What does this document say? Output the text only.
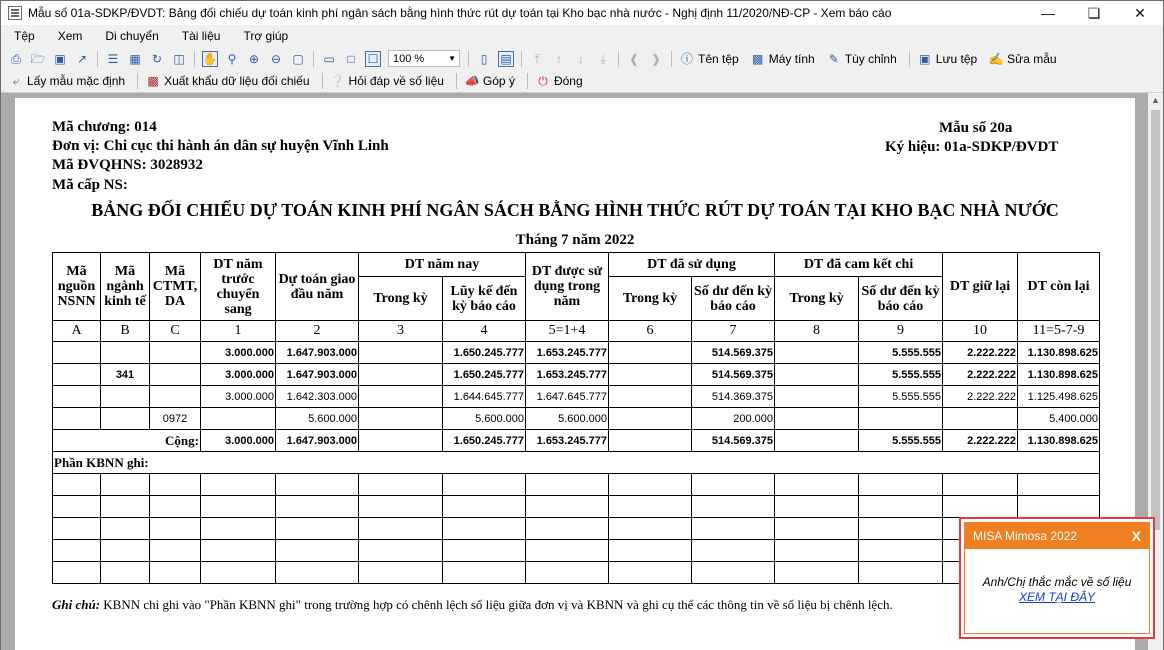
Mẫu số 01a-SDKP/ĐVDT: Bảng đối chiếu dự toán kinh phí ngân sách bằng hình thức rút dự toán tại Kho bạc nhà nước - Nghị định 11/2020/NĐ-CP - Xem báo cáo	—	❏	✕
Tệp	Xem	Di chuyển	Tài liệu	Trợ giúp
⎙ 🗁 ▣ ↗ ☰ ▦ ↻ ◫ ✋ ⚲	⊕ ⊖ ▢ ▭	□	☐ 100 %	▼	▯	▤	⤒	↑	↓	⤓	❰ ❱ ⓘ Tên tệp ▩ Máy tính ✎ Tùy chỉnh ▣ Lưu tệp ✍ Sửa mẫu
⤶ Lấy mẫu mặc định ▩ Xuất khẩu dữ liệu đối chiếu ❔ Hỏi đáp về số liệu 📣 Góp ý ⏻ Đóng
Mã chương: 014
Đơn vị: Chi cục thi hành án dân sự huyện Vĩnh Linh
Mã ĐVQHNS: 3028932
Mã cấp NS:
Mẫu số 20a
Ký hiệu: 01a-SDKP/ĐVDT
BẢNG ĐỐI CHIẾU DỰ TOÁN KINH PHÍ NGÂN SÁCH BẰNG HÌNH THỨC RÚT DỰ TOÁN TẠI KHO BẠC NHÀ NƯỚC
Tháng 7 năm 2022
Mã nguồn NSNN	Mã ngành kinh tế	Mã CTMT, DA	DT năm trước chuyển sang	Dự toán giao đầu năm	DT năm nay		DT được sử dụng trong năm	DT đã sử dụng		DT đã cam kết chi		DT giữ lại	DT còn lại
					Trong kỳ	Lũy kế đến kỳ báo cáo		Trong kỳ	Số dư đến kỳ báo cáo	Trong kỳ	Số dư đến kỳ báo cáo		
A	B	C	1	2	3	4	5=1+4	6	7	8	9	10	11=5-7-9
			3.000.000	1.647.903.000		1.650.245.777	1.653.245.777		514.569.375		5.555.555	2.222.222	1.130.898.625
	341		3.000.000	1.647.903.000		1.650.245.777	1.653.245.777		514.569.375		5.555.555	2.222.222	1.130.898.625
			3.000.000	1.642.303.000		1.644.645.777	1.647.645.777		514.369.375		5.555.555	2.222.222	1.125.498.625
		0972		5.600.000		5.600.000	5.600.000		200.000				5.400.000
Cộng:			3.000.000	1.647.903.000		1.650.245.777	1.653.245.777		514.569.375		5.555.555	2.222.222	1.130.898.625
Phần KBNN ghi:													

Ghi chú: KBNN chỉ ghi vào "Phần KBNN ghi" trong trường hợp có chênh lệch số liệu giữa đơn vị và KBNN và ghi cụ thể các thông tin về số liệu bị chênh lệch.
▲
MISA Mimosa 2022	X
Anh/Chị thắc mắc về số liệu
XEM TẠI ĐÂY
